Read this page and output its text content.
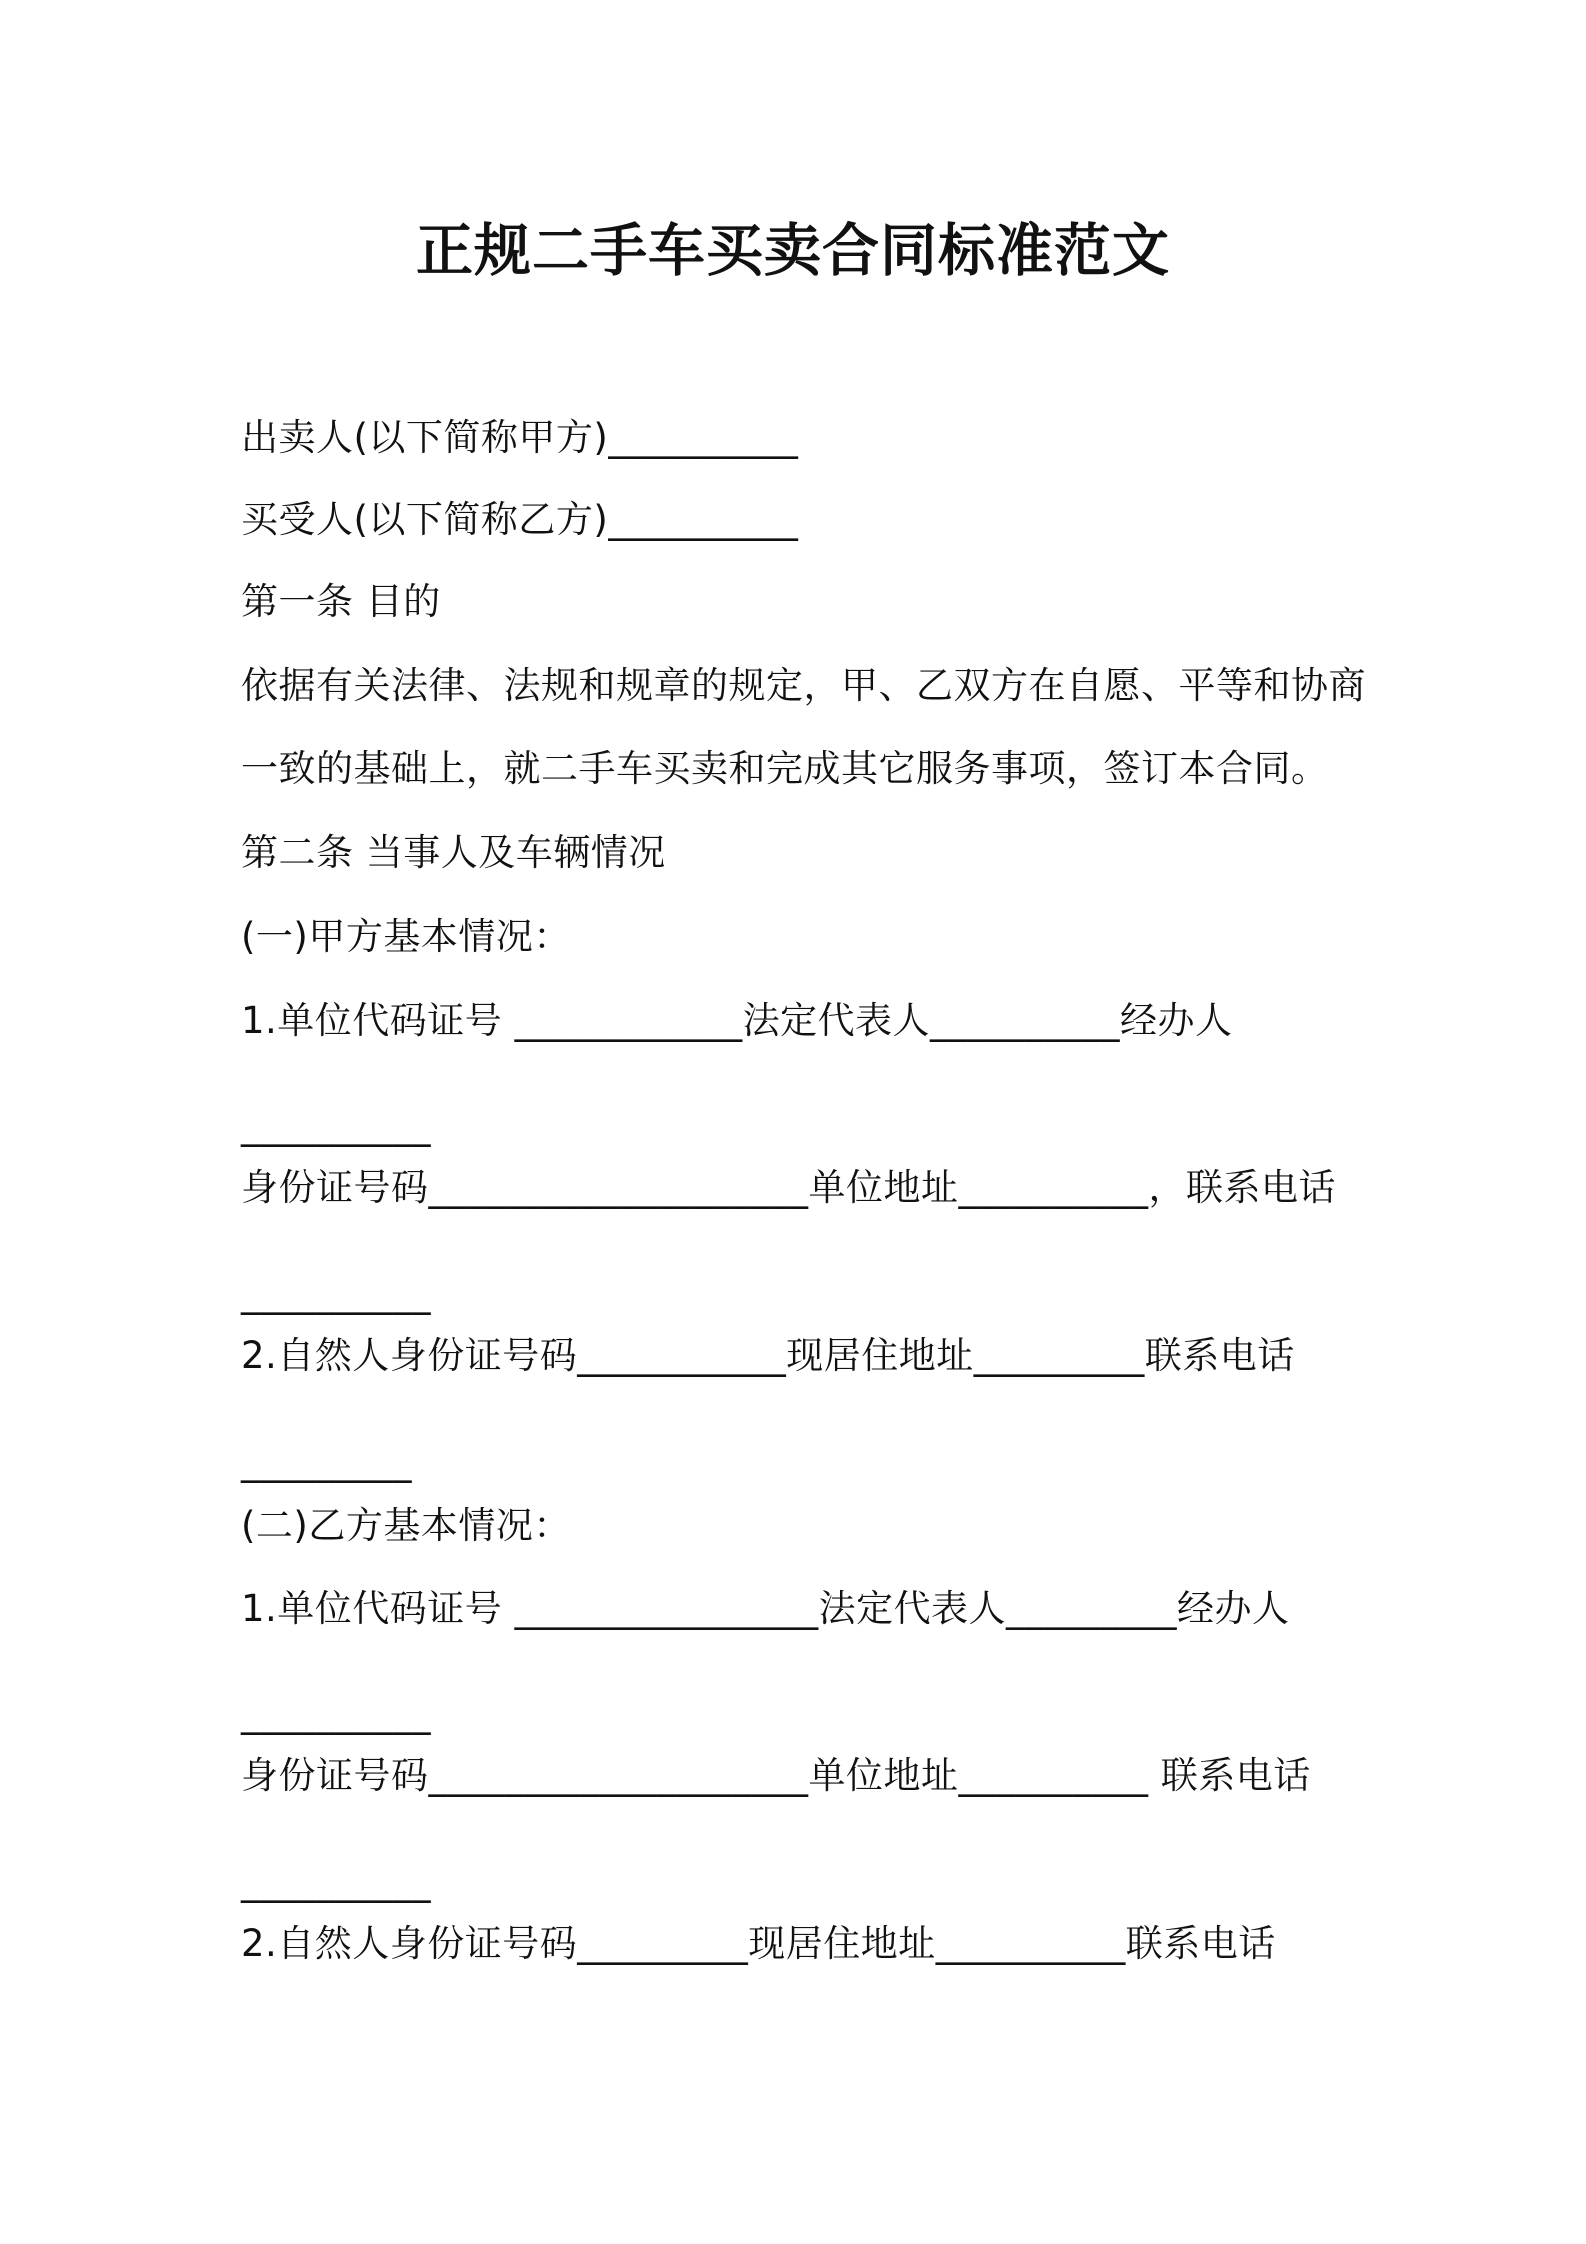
正规二手车买卖合同标准范文
出卖人(以下简称甲方)__________
买受人(以下简称乙方)__________
第一条 目的
依据有关法律、法规和规章的规定，甲、乙双方在自愿、平等和协商
一致的基础上，就二手车买卖和完成其它服务事项，签订本合同。
第二条 当事人及车辆情况
(一)甲方基本情况：
1.单位代码证号 ____________法定代表人__________经办人
__________
身份证号码____________________单位地址__________，联系电话
__________
2.自然人身份证号码___________现居住地址_________联系电话
_________
(二)乙方基本情况：
1.单位代码证号 ________________法定代表人_________经办人
__________
身份证号码____________________单位地址__________ 联系电话
__________
2.自然人身份证号码_________现居住地址__________联系电话
